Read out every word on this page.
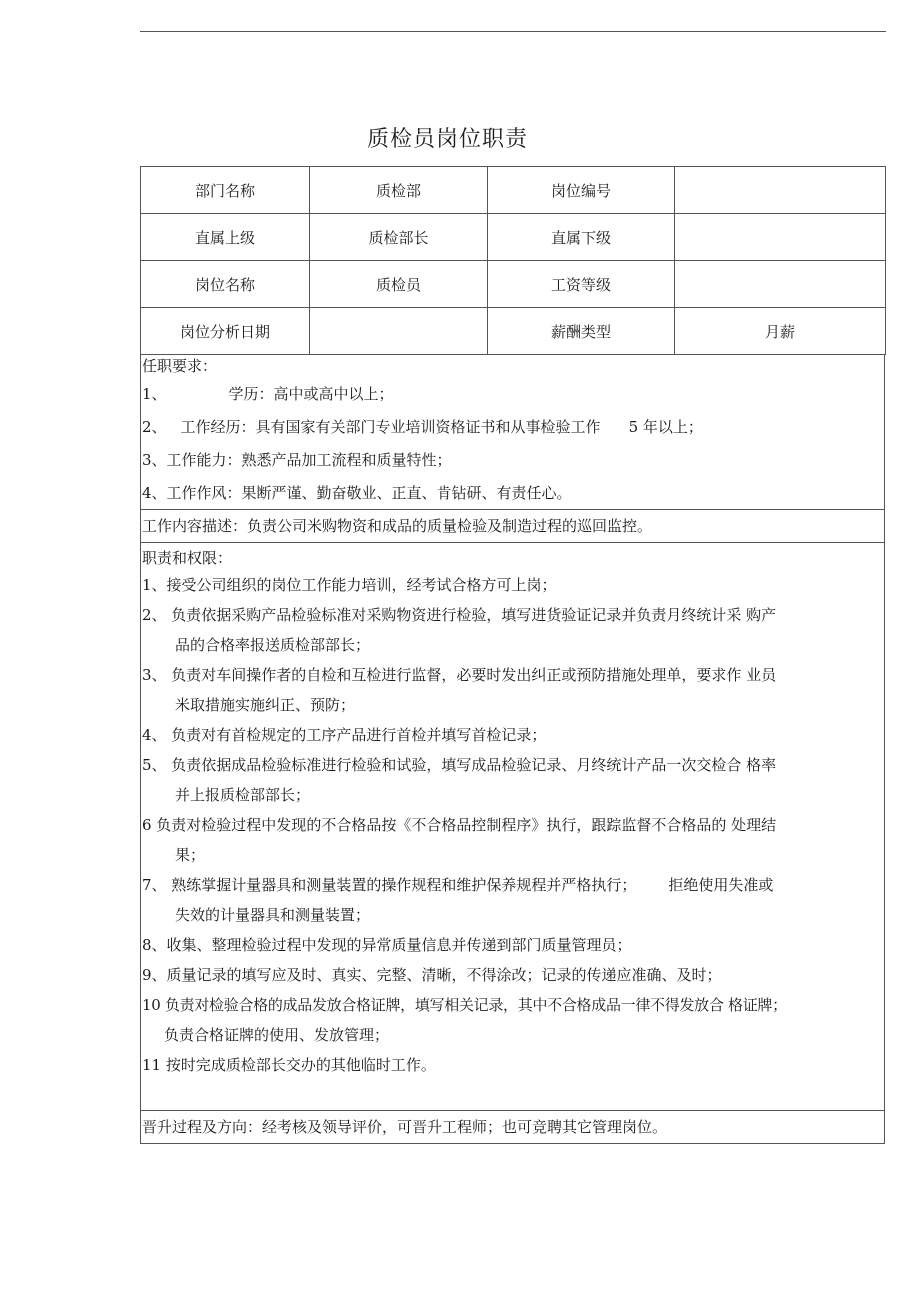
质检员岗位职责
部门名称	质检部	岗位编号	
直属上级	质检部长	直属下级	
岗位名称	质检员	工资等级	
岗位分析日期		薪酬类型	月薪
任职要求：
1、	学历：高中或高中以上；
2、 工作经历：具有国家有关部门专业培训资格证书和从事检验工作 5 年以上；
3、工作能力：熟悉产品加工流程和质量特性；
4、工作作风：果断严谨、勤奋敬业、正直、肯钻研、有责任心。
工作内容描述：负责公司米购物资和成品的质量检验及制造过程的巡回监控。
职责和权限：
1、接受公司组织的岗位工作能力培训，经考试合格方可上岗；
2、 负责依据采购产品检验标准对采购物资进行检验，填写进货验证记录并负责月终统计采 购产
品的合格率报送质检部部长；
3、 负责对车间操作者的自检和互检进行监督，必要时发出纠正或预防措施处理单，要求作 业员
米取措施实施纠正、预防；
4、 负责对有首检规定的工序产品进行首检并填写首检记录；
5、 负责依据成品检验标准进行检验和试验，填写成品检验记录、月终统计产品一次交检合 格率
并上报质检部部长；
6 负责对检验过程中发现的不合格品按《不合格品控制程序》执行，跟踪监督不合格品的 处理结
果；
7、 熟练掌握计量器具和测量装置的操作规程和维护保养规程并严格执行； 拒绝使用失准或
失效的计量器具和测量装置；
8、收集、整理检验过程中发现的异常质量信息并传递到部门质量管理员；
9、质量记录的填写应及时、真实、完整、清晰，不得涂改；记录的传递应准确、及时；
10 负责对检验合格的成品发放合格证牌，填写相关记录，其中不合格成品一律不得发放合 格证牌；
负责合格证牌的使用、发放管理；
11 按时完成质检部长交办的其他临时工作。
晋升过程及方向：经考核及领导评价，可晋升工程师；也可竞聘其它管理岗位。
